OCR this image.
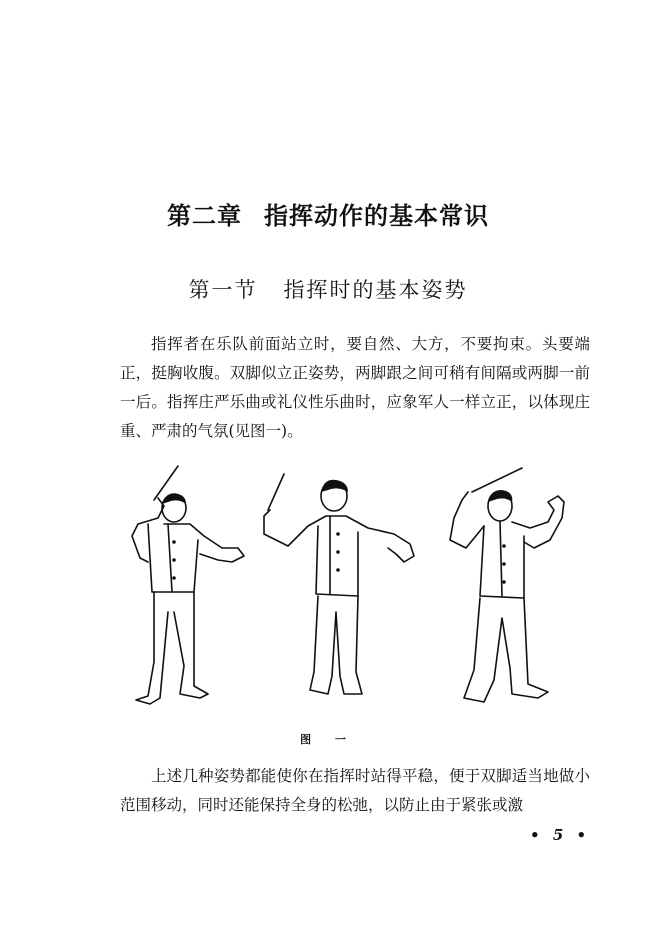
第二章 指挥动作的基本常识
第一节 指挥时的基本姿势

指挥者在乐队前面站立时，要自然、大方，不要拘束。头要端正，挺胸收腹。双脚似立正姿势，两脚跟之间可稍有间隔或两脚一前一后。指挥庄严乐曲或礼仪性乐曲时，应象军人一样立正，以体现庄重、严肃的气氛(见图一)。

图 一

上述几种姿势都能使你在指挥时站得平稳，便于双脚适当地做小范围移动，同时还能保持全身的松弛，以防止由于紧张或激

• 5 •
